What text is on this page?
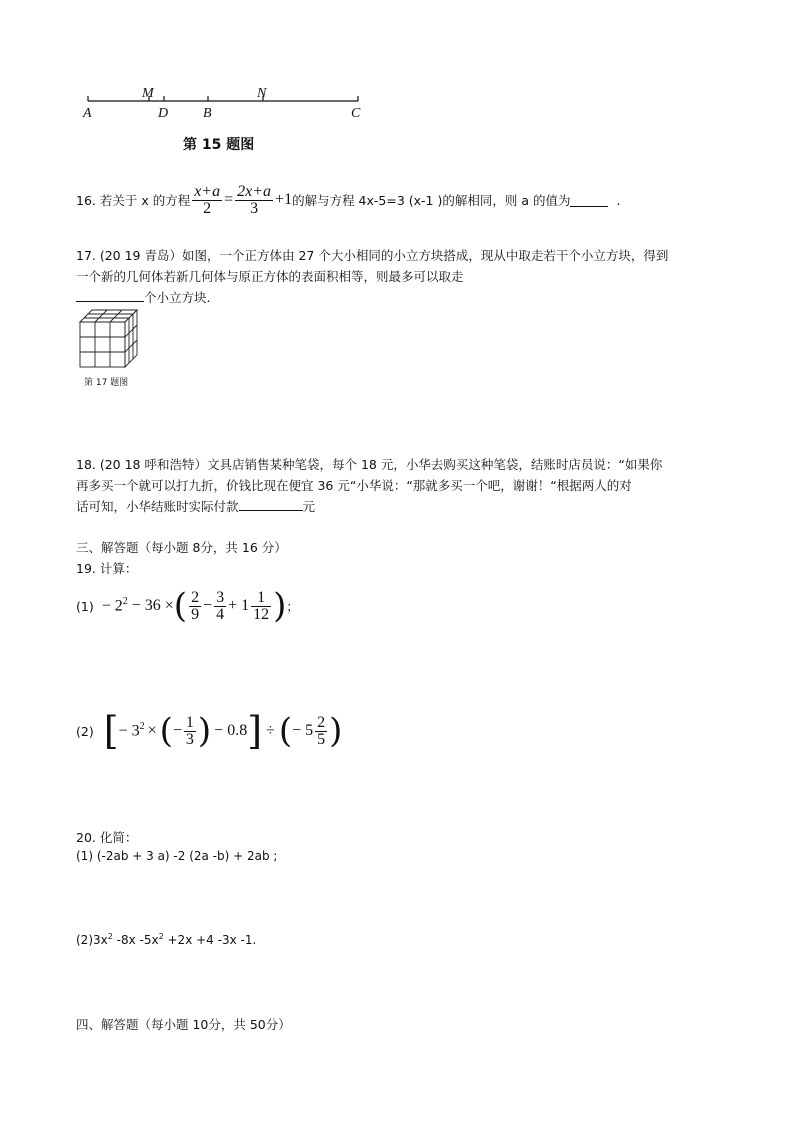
M	N
A	D B	C
第 15 题图
16. 若关于 x 的方程 $\frac{x+a}{2} = \frac{2x+a}{3} +1$ 的解与方程 4x-5=3 (x-1 )的解相同，则 a 的值为	.
17. (20 19 青岛）如图，一个正方体由 27 个大小相同的小立方块搭成，现从中取走若干个小立方块，得到
一个新的几何体若新几何体与原正方体的表面积相等，则最多可以取走
个小立方块.
第 17 题图
18. (20 18 呼和浩特）文具店销售某种笔袋，每个 18 元，小华去购买这种笔袋，结账时店员说：“如果你
再多买一个就可以打九折，价钱比现在便宜 36 元“小华说：“那就多买一个吧，谢谢！“根据两人的对
话可知，小华结账时实际付款	元
三、解答题（每小题 8分，共 16 分）
19. 计算：
$(1) - 2^2 - 36$ × ( $\frac{2}{9} - \frac{3}{4} + 1 \frac{1}{12}$ ) ；
(2) [ − $3^2$ × ( − $\frac{1}{3}$ ) − 0.8 ] ÷ ( − $5 \frac{2}{5}$ )
20. 化简：
(1) (-2ab + 3 a) -2 (2a -b) + 2ab ;
$(2)3x^2$ -8x $-5x^2 +2x +4$ -3x -1.
四、解答题（每小题 10分，共 50分）
